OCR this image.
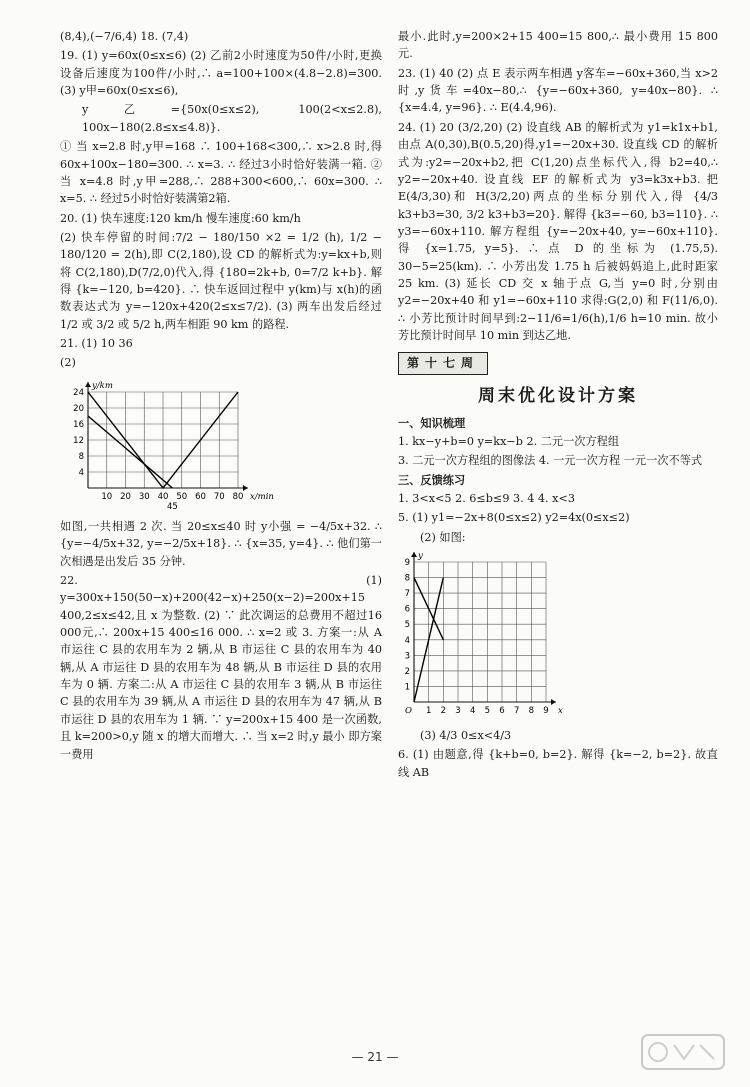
(8,4),(−7/6,4) 18. (7,4)

19. (1) y=60x(0≤x≤6) (2) 乙前2小时速度为50件/小时,更换设备后速度为100件/小时,∴ a=100+100×(4.8−2.8)=300. (3) y甲=60x(0≤x≤6),

y乙={50x(0≤x≤2), 100(2<x≤2.8), 100x−180(2.8≤x≤4.8)}.

① 当 x=2.8 时,y甲=168 ∴ 100+168<300,∴ x>2.8 时,得 60x+100x−180=300. ∴ x=3. ∴ 经过3小时恰好装满一箱. ② 当 x=4.8 时,y甲=288,∴ 288+300<600,∴ 60x=300. ∴ x=5. ∴ 经过5小时恰好装满第2箱.

20. (1) 快车速度:120 km/h 慢车速度:60 km/h

(2) 快车停留的时间:7/2 − 180/150 ×2 = 1/2 (h), 1/2 − 180/120 = 2(h),即 C(2,180),设 CD 的解析式为:y=kx+b,则将 C(2,180),D(7/2,0)代入,得 {180=2k+b, 0=7/2 k+b}. 解得 {k=−120, b=420}. ∴ 快车返回过程中 y(km)与 x(h)的函数表达式为 y=−120x+420(2≤x≤7/2). (3) 两车出发后经过 1/2 或 3/2 或 5/2 h,两车相距 90 km 的路程.

21. (1) 10 36

(2)

10 20 30 40 50 60 70 80
4
8
12
16
20
24
x/min
y/km
45

如图,一共相遇 2 次. 当 20≤x≤40 时 y小强 = −4/5x+32. ∴ {y=−4/5x+32, y=−2/5x+18}. ∴ {x=35, y=4}. ∴ 他们第一次相遇是出发后 35 分钟.

22. (1) y=300x+150(50−x)+200(42−x)+250(x−2)=200x+15 400,2≤x≤42,且 x 为整数. (2) ∵ 此次调运的总费用不超过16 000元,∴ 200x+15 400≤16 000. ∴ x=2 或 3. 方案一:从 A 市运往 C 县的农用车为 2 辆,从 B 市运往 C 县的农用车为 40 辆,从 A 市运往 D 县的农用车为 48 辆,从 B 市运往 D 县的农用车为 0 辆. 方案二:从 A 市运往 C 县的农用车 3 辆,从 B 市运往 C 县的农用车为 39 辆,从 A 市运往 D 县的农用车为 47 辆,从 B 市运往 D 县的农用车为 1 辆. ∵ y=200x+15 400 是一次函数,且 k=200>0,y 随 x 的增大而增大. ∴ 当 x=2 时,y 最小 即方案一费用

最小.此时,y=200×2+15 400=15 800,∴ 最小费用 15 800 元.

23. (1) 40 (2) 点 E 表示两车相遇 y客车=−60x+360,当 x>2 时,y货车=40x−80,∴ {y=−60x+360, y=40x−80}. ∴ {x=4.4, y=96}. ∴ E(4.4,96).

24. (1) 20 (3/2,20) (2) 设直线 AB 的解析式为 y1=k1x+b1,由点 A(0,30),B(0.5,20)得,y1=−20x+30. 设直线 CD 的解析式为:y2=−20x+b2,把 C(1,20)点坐标代入,得 b2=40,∴ y2=−20x+40. 设直线 EF 的解析式为 y3=k3x+b3. 把 E(4/3,30)和 H(3/2,20)两点的坐标分别代入,得 {4/3 k3+b3=30, 3/2 k3+b3=20}. 解得 {k3=−60, b3=110}. ∴ y3=−60x+110. 解方程组 {y=−20x+40, y=−60x+110}. 得 {x=1.75, y=5}. ∴ 点 D 的坐标为 (1.75,5). 30−5=25(km). ∴ 小芳出发 1.75 h 后被妈妈追上,此时距家 25 km. (3) 延长 CD 交 x 轴于点 G,当 y=0 时,分别由 y2=−20x+40 和 y1=−60x+110 求得:G(2,0) 和 F(11/6,0). ∴ 小芳比预计时间早到:2−11/6=1/6(h),1/6 h=10 min. 故小芳比预计时间早 10 min 到达乙地.

第十七周
周末优化设计方案
一、知识梳理

1. kx−y+b=0 y=kx−b 2. 二元一次方程组

3. 二元一次方程组的图像法 4. 一元一次方程 一元一次不等式

三、反馈练习

1. 3<x<5 2. 6≤b≤9 3. 4 4. x<3

5. (1) y1=−2x+8(0≤x≤2) y2=4x(0≤x≤2)

(2) 如图:

1 2 3 4 5 6 7 8 9
1
2
3
4
5
6
7
8
9
x
y
O

(3) 4/3 0≤x<4/3

6. (1) 由题意,得 {k+b=0, b=2}. 解得 {k=−2, b=2}. 故直线 AB

— 21 —
